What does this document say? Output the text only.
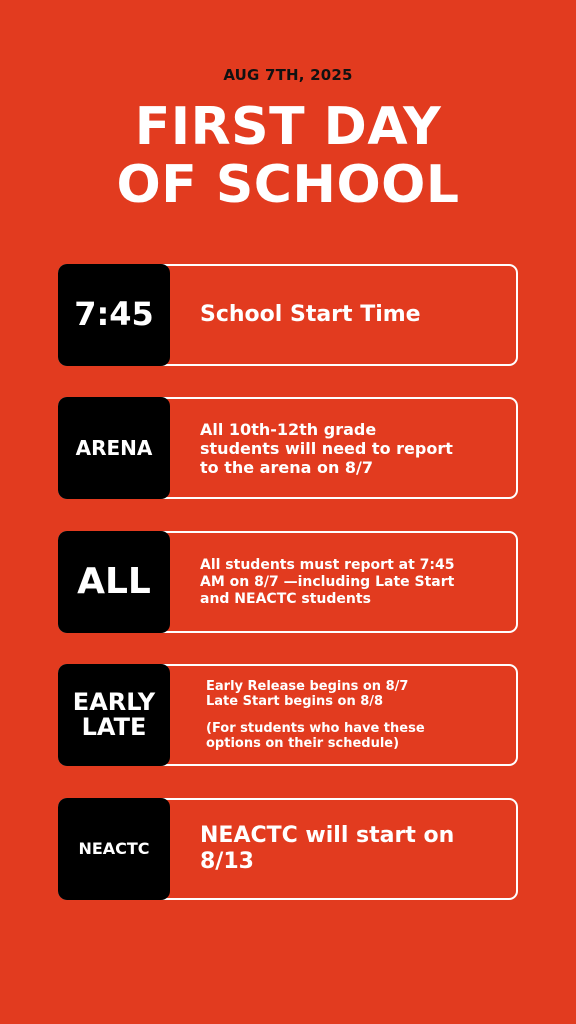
AUG 7TH, 2025
FIRST DAY
OF SCHOOL
7:45	School Start Time
ARENA
All 10th-12th grade
students will need to report
to the arena on 8/7
ALL	All students must report at 7:45
AM on 8/7 —including Late Start
and NEACTC students
EARLY
LATE
Early Release begins on 8/7
Late Start begins on 8/8
(For students who have these
options on their schedule)
NEACTC
NEACTC will start on
8/13
